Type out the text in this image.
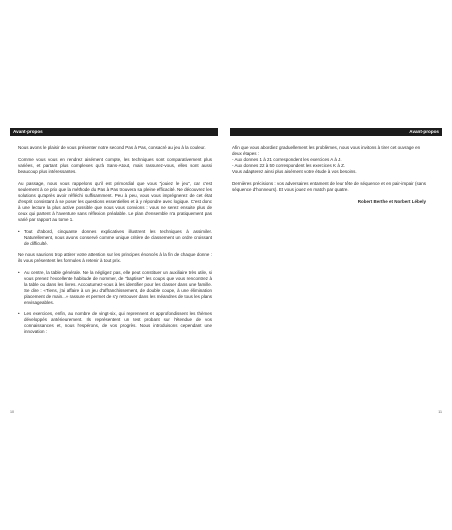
Avant-propos

Nous avons le plaisir de vous présenter notre second Pas à Pas, consacré au jeu à la couleur.

Comme vous vous en rendrez aisément compte, les techniques sont comparativement plus variées, et partant plus complexes qu'à Sans-Atout, mais rassurez-vous, elles sont aussi beaucoup plus intéressantes.

Au passage, nous vous rappelons qu'il est primordial que vous "jouiez le jeu", car c'est seulement à ce prix que la méthode du Pas à Pas trouvera sa pleine efficacité. Ne découvrez les solutions qu'après avoir réfléchi suffisamment. Peu à peu, vous vous imprégnerez de cet état d'esprit consistant à se poser les questions essentielles et à y répondre avec logique. C'est donc à une lecture la plus active possible que nous vous convions : vous ne serez ensuite plus de ceux qui partent à l'aventure sans réflexion préalable. Le plan d'ensemble n'a pratiquement pas varié par rapport au tome 1.

• Tout d'abord, cinquante donnes explicatives illustrent les techniques à assimiler. Naturellement, nous avons conservé comme unique critère de classement un ordre croissant de difficulté.

Ne nous saurions trop attirer votre attention sur les principes énoncés à la fin de chaque donne : ils vous présentent les formules à retenir à tout prix.

• Au centre, la table générale. Ne la négligez pas, elle peut constituer un auxiliaire très utile, si vous prenez l'excellente habitude de nommer, de "baptiser" les coups que vous rencontrez à la table ou dans les livres. Accoutumez-vous à les identifier pour les classer dans une famille. Se dire : «Tiens, j'ai affaire à un jeu d'affranchissement, de double coupe, à une élimination placement de main...» rassure et permet de s'y retrouver dans les méandres de tous les plans envisageables.
• Les exercices, enfin, au nombre de vingt-six, qui reprennent et approfondissent les thèmes développés antérieurement. Ils représentent un test probant sur l'étendue de vos connaissances et, nous l'espérons, de vos progrès. Nous introduisons cependant une innovation :
10
Avant-propos

Afin que vous abordiez graduellement les problèmes, nous vous invitons à tirer cet ouvrage en deux étapes :

- Aux donnes 1 à 21 correspondent les exercices A à J.

- Aux donnes 22 à 50 correspondent les exercices K à Z.

Vous adapterez ainsi plus aisément votre étude à vos besoins.

Dernières précisions : vos adversaires entament de leur tête de séquence et en pair-impair (sans séquence d'honneurs). Et vous jouez en match par quatre.

Robert Berthe et Norbert Lébely
11
